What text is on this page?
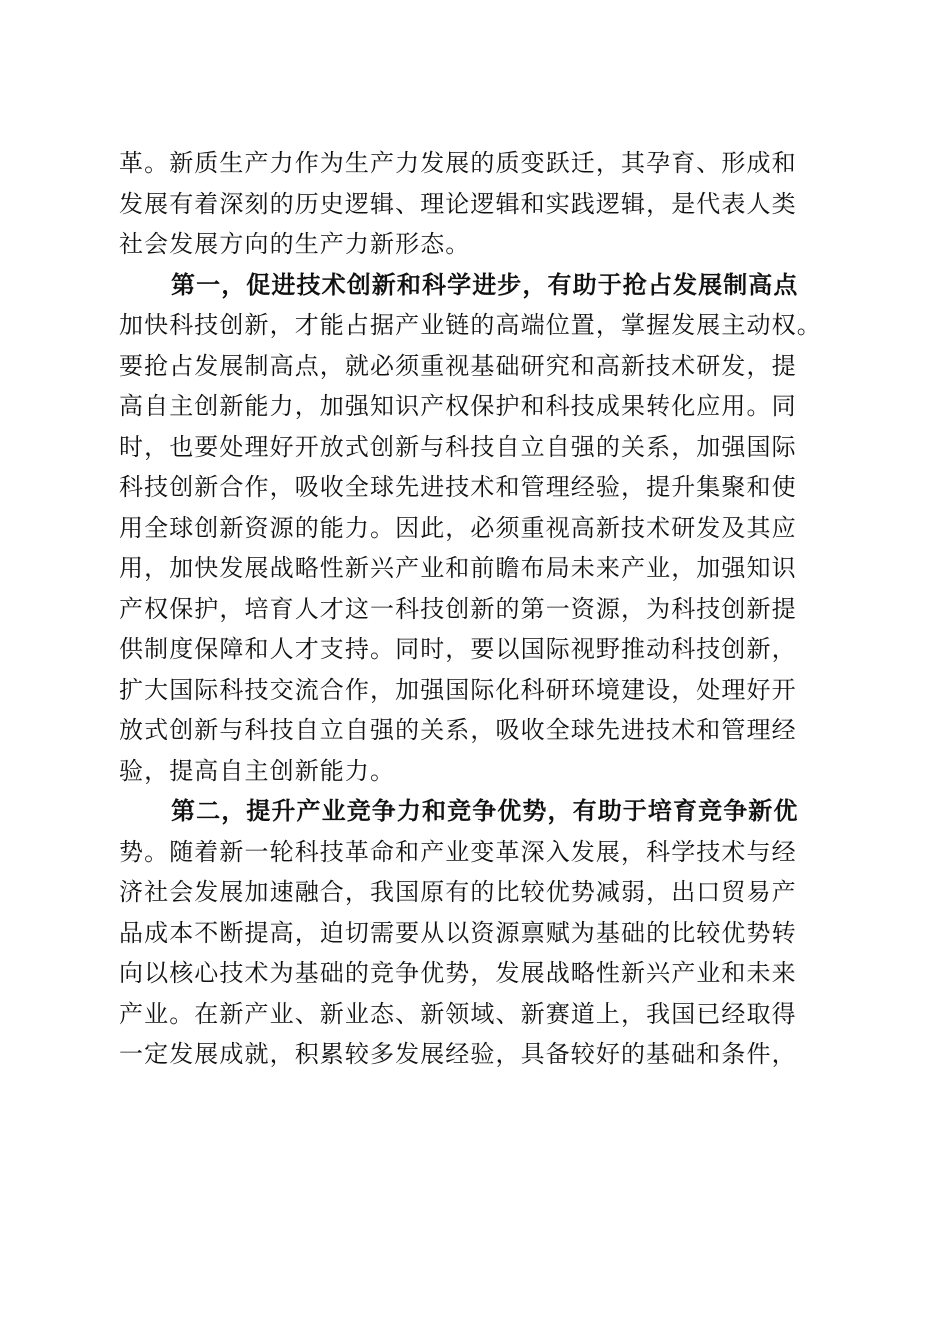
革。新质生产力作为生产力发展的质变跃迁，其孕育、形成和
发展有着深刻的历史逻辑、理论逻辑和实践逻辑，是代表人类
社会发展方向的生产力新形态。
第一，促进技术创新和科学进步，有助于抢占发展制高点
加快科技创新，才能占据产业链的高端位置，掌握发展主动权。
要抢占发展制高点，就必须重视基础研究和高新技术研发，提
高自主创新能力，加强知识产权保护和科技成果转化应用。同
时，也要处理好开放式创新与科技自立自强的关系，加强国际
科技创新合作，吸收全球先进技术和管理经验，提升集聚和使
用全球创新资源的能力。因此，必须重视高新技术研发及其应
用，加快发展战略性新兴产业和前瞻布局未来产业，加强知识
产权保护，培育人才这一科技创新的第一资源，为科技创新提
供制度保障和人才支持。同时，要以国际视野推动科技创新，
扩大国际科技交流合作，加强国际化科研环境建设，处理好开
放式创新与科技自立自强的关系，吸收全球先进技术和管理经
验，提高自主创新能力。
第二，提升产业竞争力和竞争优势，有助于培育竞争新优
势。随着新一轮科技革命和产业变革深入发展，科学技术与经
济社会发展加速融合，我国原有的比较优势减弱，出口贸易产
品成本不断提高，迫切需要从以资源禀赋为基础的比较优势转
向以核心技术为基础的竞争优势，发展战略性新兴产业和未来
产业。在新产业、新业态、新领域、新赛道上，我国已经取得
一定发展成就，积累较多发展经验，具备较好的基础和条件，
